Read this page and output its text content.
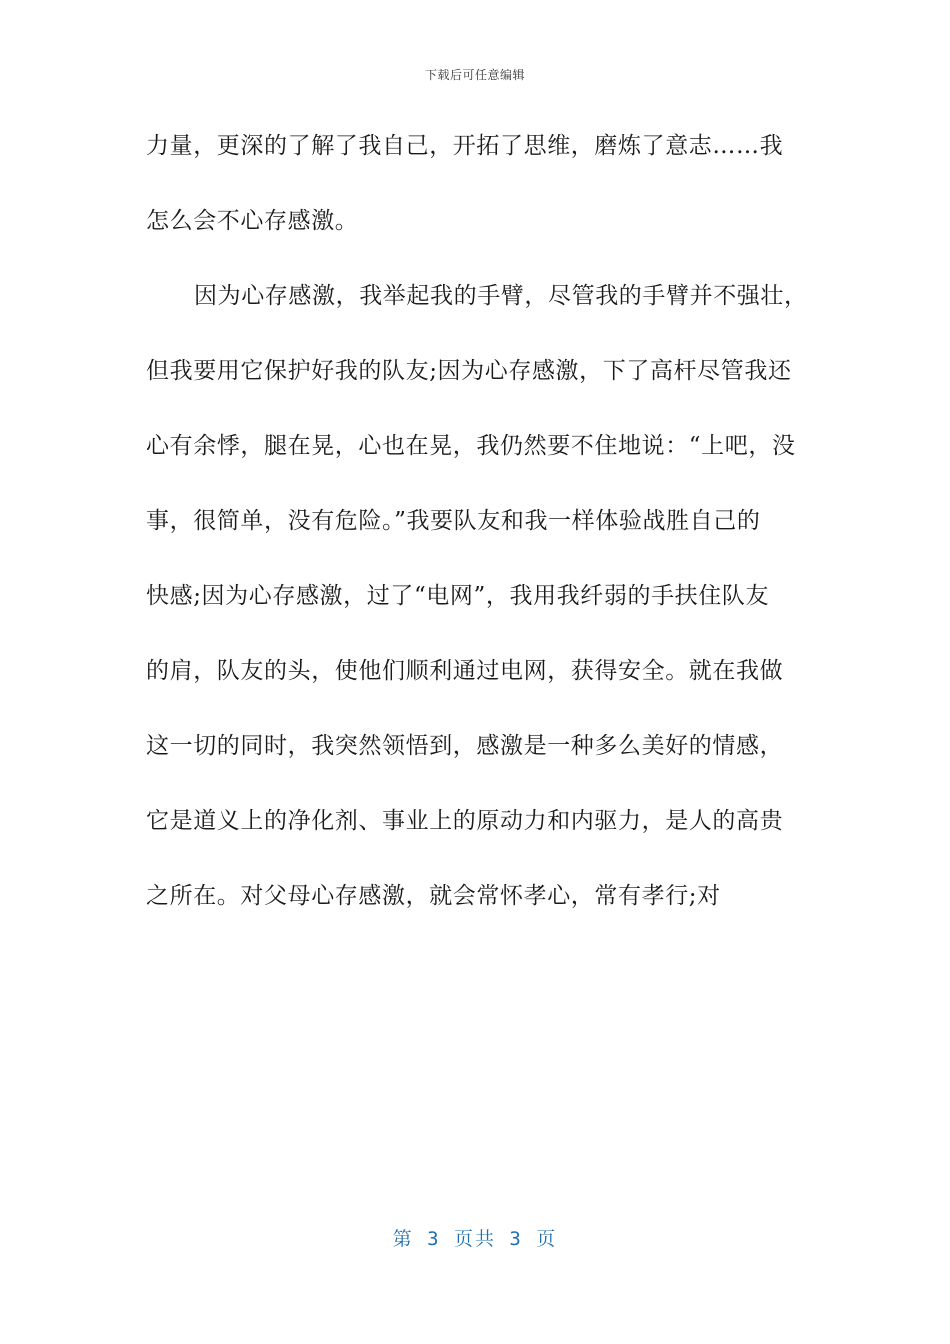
下载后可任意编辑
力量，更深的了解了我自己，开拓了思维，磨炼了意志……我
怎么会不心存感激。
因为心存感激，我举起我的手臂，尽管我的手臂并不强壮，
但我要用它保护好我的队友;因为心存感激，下了高杆尽管我还
心有余悸，腿在晃，心也在晃，我仍然要不住地说：“上吧，没
事，很简单，没有危险。”我要队友和我一样体验战胜自己的
快感;因为心存感激，过了“电网”，我用我纤弱的手扶住队友
的肩，队友的头，使他们顺利通过电网，获得安全。就在我做
这一切的同时，我突然领悟到，感激是一种多么美好的情感，
它是道义上的净化剂、事业上的原动力和内驱力，是人的高贵
之所在。对父母心存感激，就会常怀孝心，常有孝行;对
第 3 页共 3 页
